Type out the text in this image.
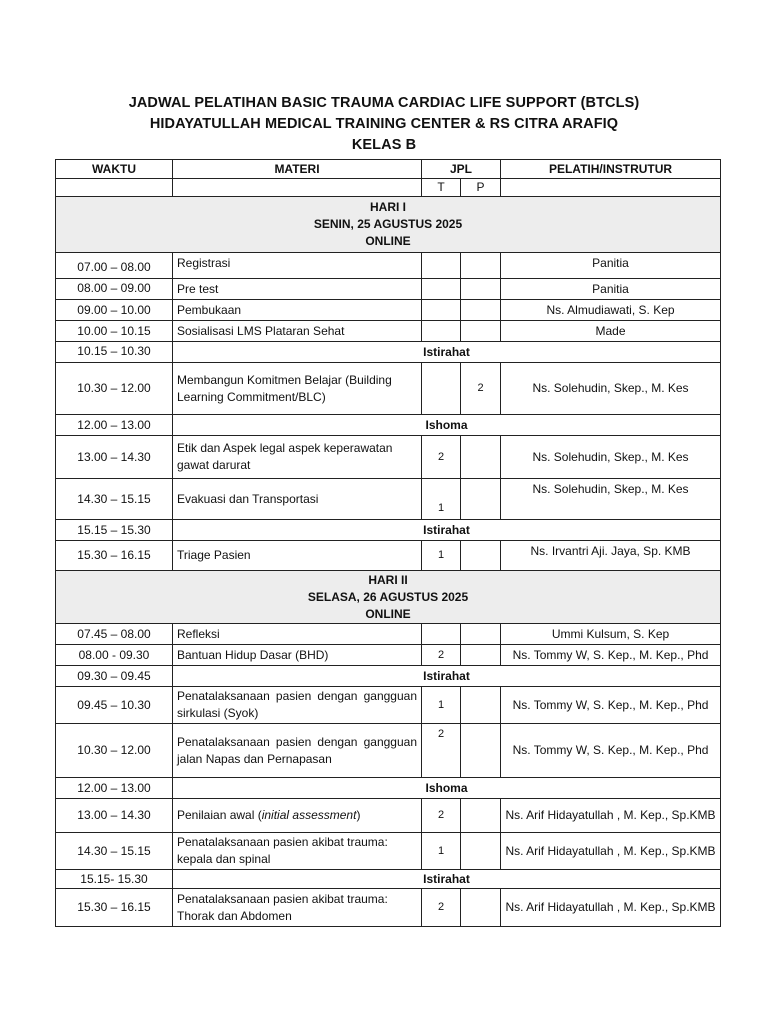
JADWAL PELATIHAN BASIC TRAUMA CARDIAC LIFE SUPPORT (BTCLS)
HIDAYATULLAH MEDICAL TRAINING CENTER & RS CITRA ARAFIQ
KELAS B
WAKTU	MATERI	JPL		PELATIH/INSTRUTUR
		T	P	

HARI I
SENIN, 25 AGUSTUS 2025
ONLINE				

07.00 – 08.00	Registrasi			Panitia
08.00 – 09.00	Pre test			Panitia
09.00 – 10.00	Pembukaan			Ns. Almudiawati, S. Kep
10.00 – 10.15	Sosialisasi LMS Plataran Sehat			Made
10.15 – 10.30	Istirahat			
10.30 – 12.00	Membangun Komitmen Belajar (Building Learning Commitment/BLC)		2	Ns. Solehudin, Skep., M. Kes
12.00 – 13.00	Ishoma			
13.00 – 14.30	Etik dan Aspek legal aspek keperawatan gawat darurat	2		Ns. Solehudin, Skep., M. Kes
14.30 – 15.15	Evakuasi dan Transportasi	1		Ns. Solehudin, Skep., M. Kes
15.15 – 15.30	Istirahat			
15.30 – 16.15	Triage Pasien	1		Ns. Irvantri Aji. Jaya, Sp. KMB

HARI II
SELASA, 26 AGUSTUS 2025
ONLINE				

07.45 – 08.00	Refleksi			Ummi Kulsum, S. Kep
08.00 - 09.30	Bantuan Hidup Dasar (BHD)	2		Ns. Tommy W, S. Kep., M. Kep., Phd
09.30 – 09.45	Istirahat			
09.45 – 10.30	Penatalaksanaan pasien dengan gangguan sirkulasi (Syok)	1		Ns. Tommy W, S. Kep., M. Kep., Phd
10.30 – 12.00	Penatalaksanaan pasien dengan gangguan jalan Napas dan Pernapasan	2		Ns. Tommy W, S. Kep., M. Kep., Phd
12.00 – 13.00	Ishoma			
13.00 – 14.30	Penilaian awal (initial assessment)	2		Ns. Arif Hidayatullah , M. Kep., Sp.KMB
14.30 – 15.15	Penatalaksanaan pasien akibat trauma: kepala dan spinal	1		Ns. Arif Hidayatullah , M. Kep., Sp.KMB
15.15- 15.30	Istirahat			
15.30 – 16.15	Penatalaksanaan pasien akibat trauma: Thorak dan Abdomen	2		Ns. Arif Hidayatullah , M. Kep., Sp.KMB
